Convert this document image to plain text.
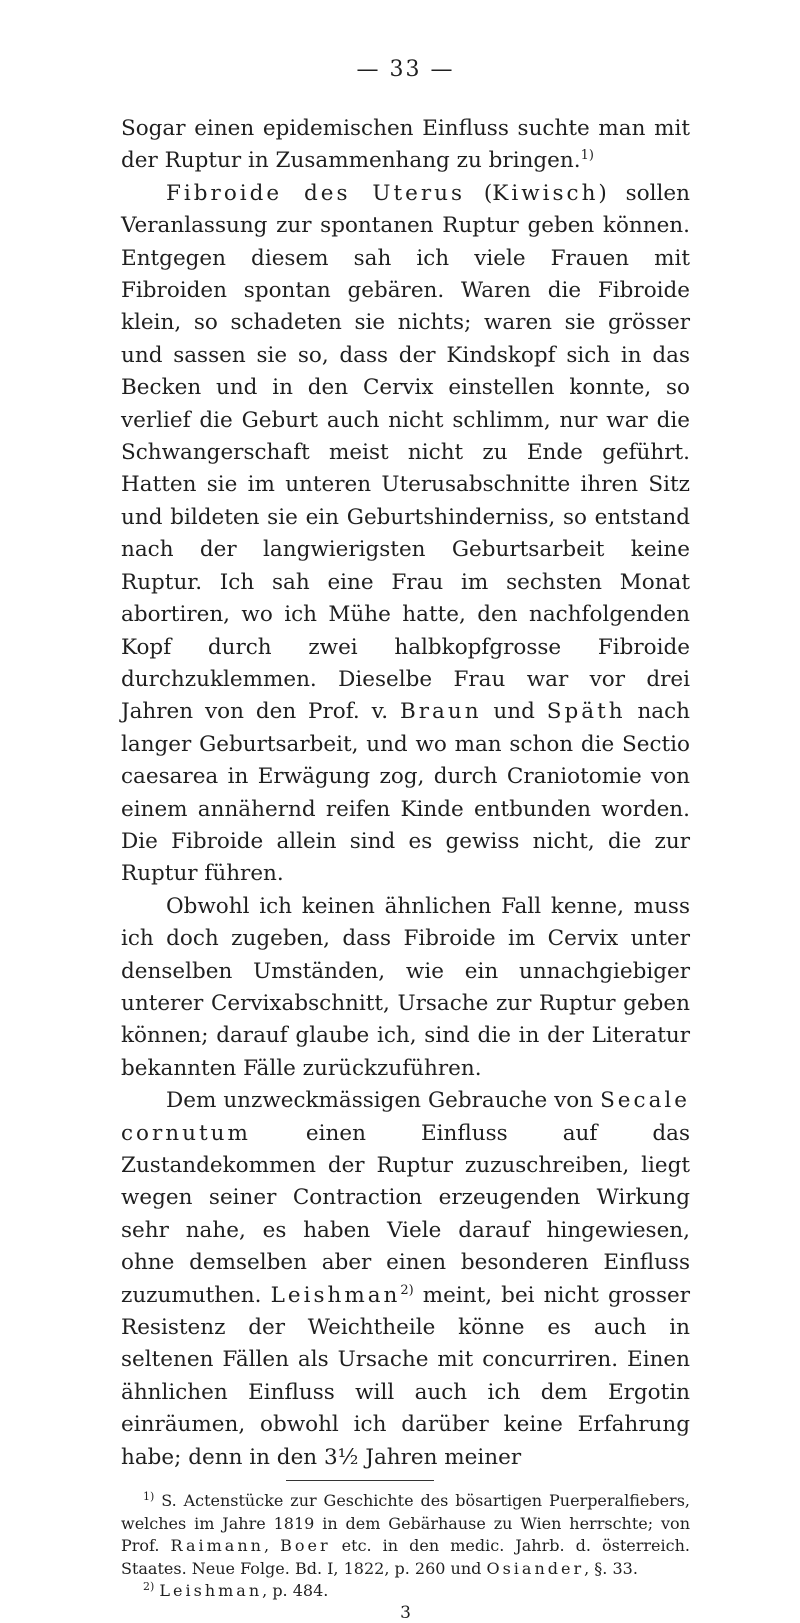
— 33 —

Sogar einen epidemischen Einfluss suchte man mit der Ruptur in Zusammenhang zu bringen.$^{1)}$

Fibroide des Uterus (Kiwisch) sollen Veranlassung zur spontanen Ruptur geben können. Entgegen diesem sah ich viele Frauen mit Fibroiden spontan gebären. Waren die Fibroide klein, so schadeten sie nichts; waren sie grösser und sassen sie so, dass der Kindskopf sich in das Becken und in den Cervix einstellen konnte, so verlief die Geburt auch nicht schlimm, nur war die Schwangerschaft meist nicht zu Ende geführt. Hatten sie im unteren Uterusabschnitte ihren Sitz und bildeten sie ein Geburtshinderniss, so entstand nach der langwierigsten Geburtsarbeit keine Ruptur. Ich sah eine Frau im sechsten Monat abortiren, wo ich Mühe hatte, den nachfolgenden Kopf durch zwei halbkopfgrosse Fibroide durchzuklemmen. Dieselbe Frau war vor drei Jahren von den Prof. v. Braun und Späth nach langer Geburtsarbeit, und wo man schon die Sectio caesarea in Erwägung zog, durch Craniotomie von einem annähernd reifen Kinde entbunden worden. Die Fibroide allein sind es gewiss nicht, die zur Ruptur führen.

Obwohl ich keinen ähnlichen Fall kenne, muss ich doch zugeben, dass Fibroide im Cervix unter denselben Umständen, wie ein unnachgiebiger unterer Cervixabschnitt, Ursache zur Ruptur geben können; darauf glaube ich, sind die in der Literatur bekannten Fälle zurückzuführen.

Dem unzweckmässigen Gebrauche von Secale cornutum einen Einfluss auf das Zustandekommen der Ruptur zuzuschreiben, liegt wegen seiner Contraction erzeugenden Wirkung sehr nahe, es haben Viele darauf hingewiesen, ohne demselben aber einen besonderen Einfluss zuzumuthen. Leishman$^{2)}$ meint, bei nicht grosser Resistenz der Weichtheile könne es auch in seltenen Fällen als Ursache mit concurriren. Einen ähnlichen Einfluss will auch ich dem Ergotin einräumen, obwohl ich darüber keine Erfahrung habe; denn in den 3½ Jahren meiner

$^{1)}$ S. Actenstücke zur Geschichte des bösartigen Puerperalfiebers, welches im Jahre 1819 in dem Gebärhause zu Wien herrschte; von Prof. Raimann, Boer etc. in den medic. Jahrb. d. österreich. Staates. Neue Folge. Bd. I, 1822, p. 260 und Osiander, §. 33.

$^{2)}$ Leishman, p. 484.

3
